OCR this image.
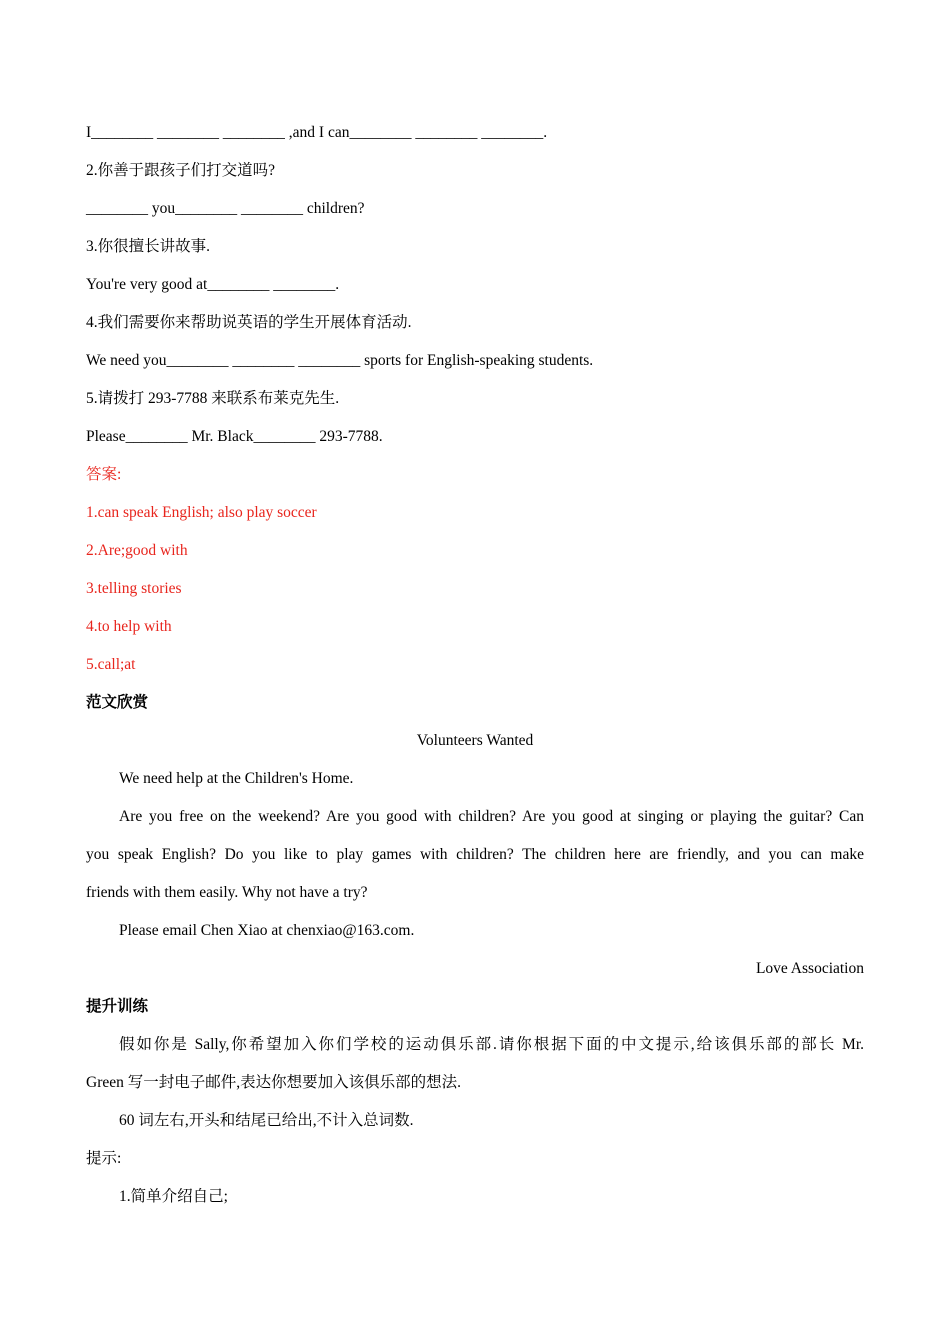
I________ ________ ________ ,and I can________ ________ ________.
2.你善于跟孩子们打交道吗?
________ you________ ________ children?
3.你很擅长讲故事.
You're very good at________ ________.
4.我们需要你来帮助说英语的学生开展体育活动.
We need you________ ________ ________ sports for English-speaking students.
5.请拨打 293-7788 来联系布莱克先生.
Please________ Mr. Black________ 293-7788.
答案:
1.can speak English; also play soccer
2.Are;good with
3.telling stories
4.to help with
5.call;at
范文欣赏
Volunteers Wanted
We need help at the Children's Home.
Are you free on the weekend? Are you good with children? Are you good at singing or playing the guitar? Can
you speak English? Do you like to play games with children? The children here are friendly, and you can make
friends with them easily. Why not have a try?
Please email Chen Xiao at chenxiao@163.com.
Love Association
提升训练
假如你是 Sally,你希望加入你们学校的运动俱乐部.请你根据下面的中文提示,给该俱乐部的部长 Mr.
Green 写一封电子邮件,表达你想要加入该俱乐部的想法.
60 词左右,开头和结尾已给出,不计入总词数.
提示:
1.简单介绍自己;
